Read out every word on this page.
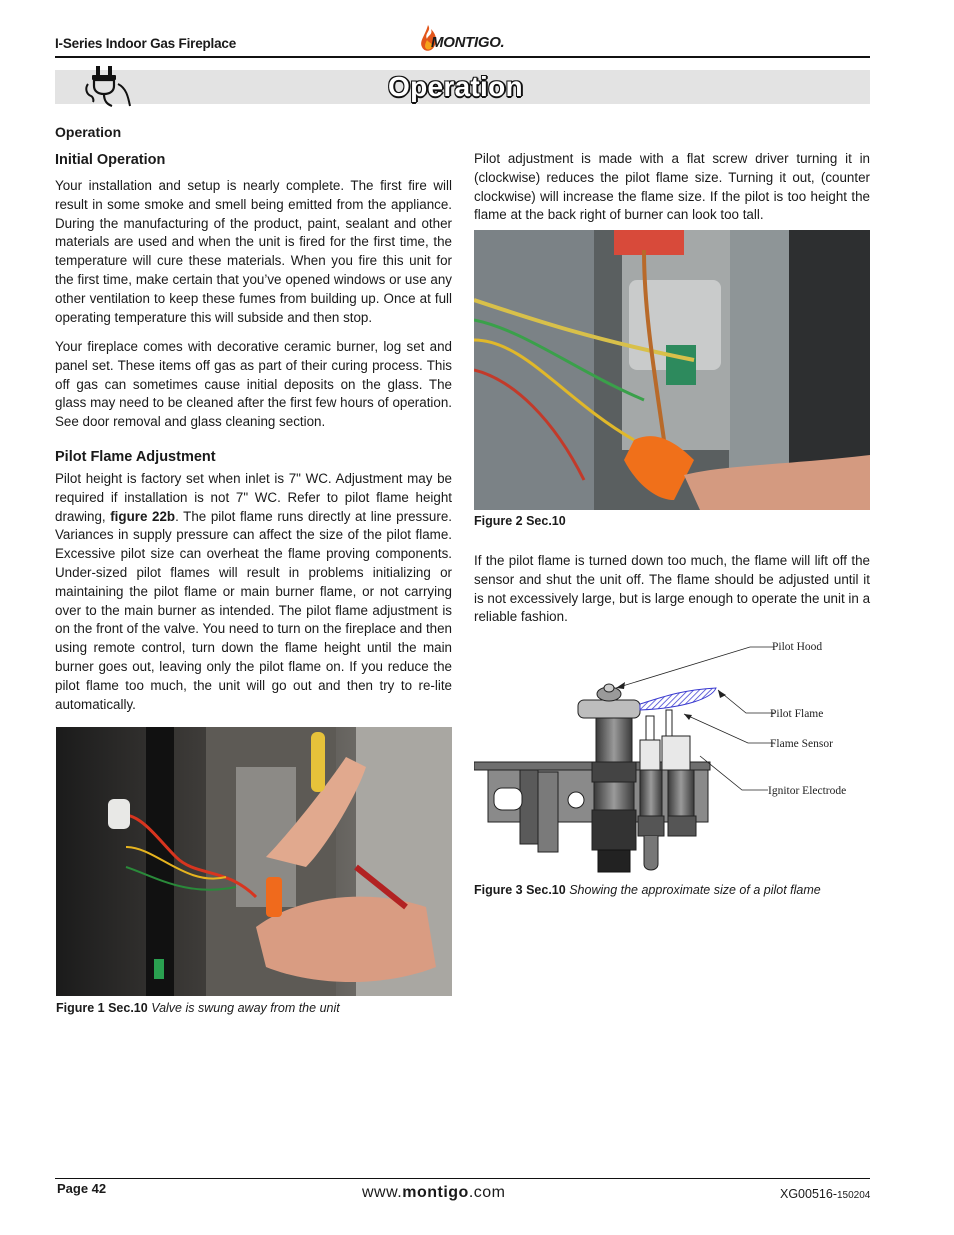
I-Series Indoor Gas Fireplace	MONTIGO.
Operation
Operation
Initial Operation
Your installation and setup is nearly complete. The first fire will result in some smoke and smell being emitted from the appliance. During the manufacturing of the product, paint, sealant and other materials are used and when the unit is fired for the first time, the temperature will cure these materials. When you fire this unit for the first time, make certain that you’ve opened windows or use any other ventilation to keep these fumes from building up. Once at full operating temperature this will subside and then stop.
Your fireplace comes with decorative ceramic burner, log set and panel set. These items off gas as part of their curing process. This off gas can sometimes cause initial deposits on the glass. The glass may need to be cleaned after the first few hours of operation. See door removal and glass cleaning section.
Pilot Flame Adjustment
Pilot height is factory set when inlet is 7" WC. Adjustment may be required if installation is not 7" WC. Refer to pilot flame height drawing, figure 22b. The pilot flame runs directly at line pressure. Variances in supply pressure can affect the size of the pilot flame. Excessive pilot size can overheat the flame proving components. Under-sized pilot flames will result in problems initializing or maintaining the pilot flame or main burner flame, or not carrying over to the main burner as intended. The pilot flame adjustment is on the front of the valve. You need to turn on the fireplace and then using remote control, turn down the flame height until the main burner goes out, leaving only the pilot flame on. If you reduce the pilot flame too much, the unit will go out and then try to re-lite automatically.
Figure 1 Sec.10 Valve is swung away from the unit
Pilot adjustment is made with a flat screw driver turning it in (clockwise) reduces the pilot flame size. Turning it out, (counter clockwise) will increase the flame size. If the pilot is too height the flame at the back right of burner can look too tall.
Figure 2 Sec.10
If the pilot flame is turned down too much, the flame will lift off the sensor and shut the unit off. The flame should be adjusted until it is not excessively large, but is large enough to operate the unit in a reliable fashion.
Pilot Hood
Pilot Flame
Flame Sensor
Ignitor Electrode
Figure 3 Sec.10 Showing the approximate size of a pilot flame
Page 42	www.montigo.com	XG00516-150204
